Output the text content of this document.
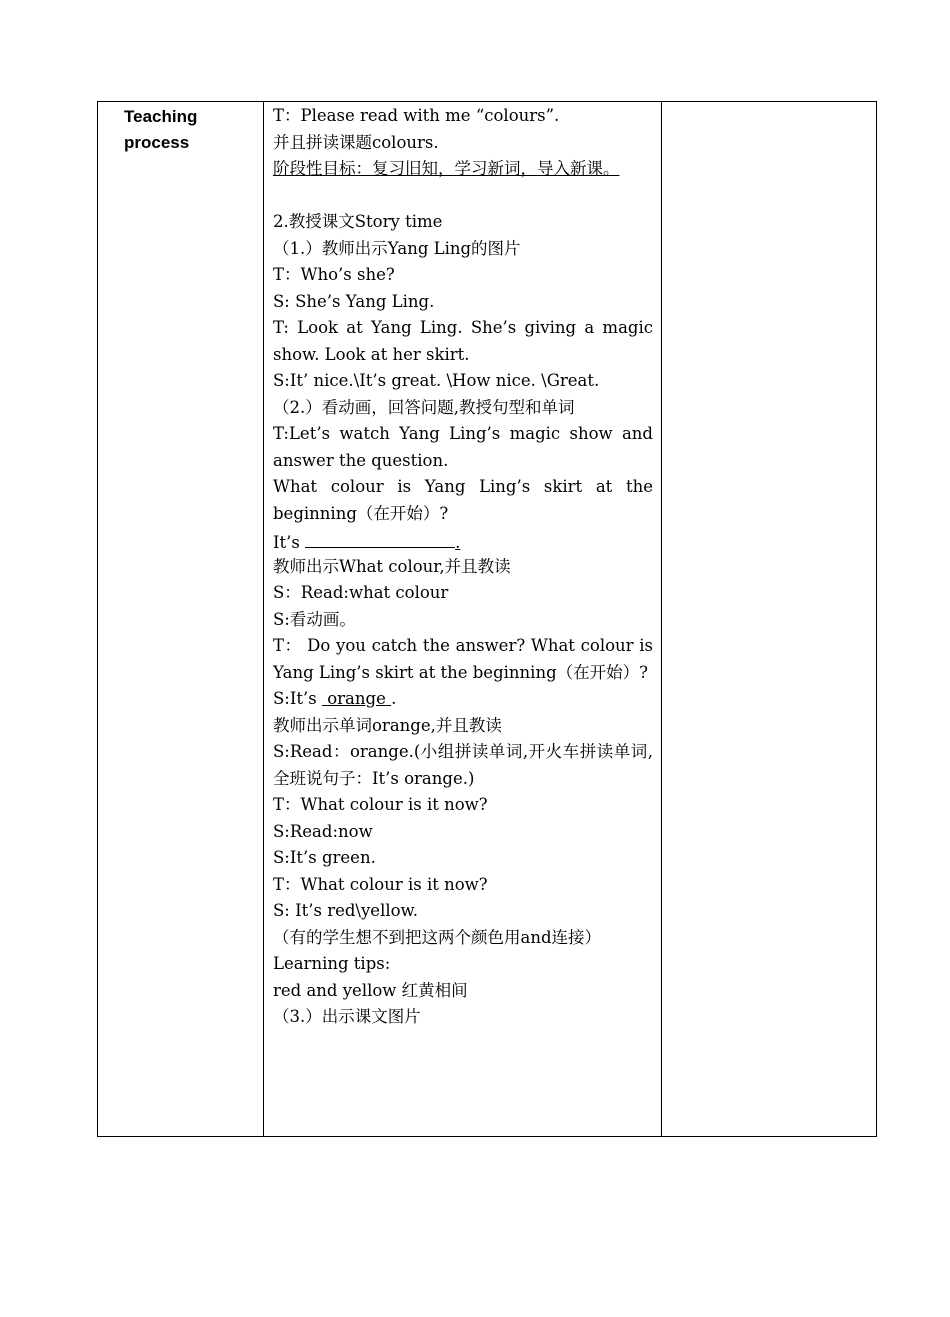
Teaching process

T：Please read with me “colours”.
并且拼读课题colours.
阶段性目标：复习旧知，学习新词，导入新课。
2.教授课文Story time
（1.）教师出示Yang Ling的图片
T：Who’s she?
S: She’s Yang Ling.
T: Look at Yang Ling. She’s giving a magic show. Look at her skirt.
S:It’ nice.\It’s great. \How nice. \Great.
（2.）看动画，回答问题,教授句型和单词
T:Let’s watch Yang Ling’s magic show and answer the question.
What colour is Yang Ling’s skirt at the beginning（在开始）?
It’s	.
教师出示What colour,并且教读
S：Read:what colour
S:看动画。
T： Do you catch the answer? What colour is Yang Ling’s skirt at the beginning（在开始）?
S:It’s orange .
教师出示单词orange,并且教读
S:Read：orange.(小组拼读单词,开火车拼读单词,全班说句子：It’s orange.)
T：What colour is it now?
S:Read:now
S:It’s green.
T：What colour is it now?
S: It’s red\yellow.
（有的学生想不到把这两个颜色用and连接）
Learning tips:
red and yellow 红黄相间
（3.）出示课文图片
